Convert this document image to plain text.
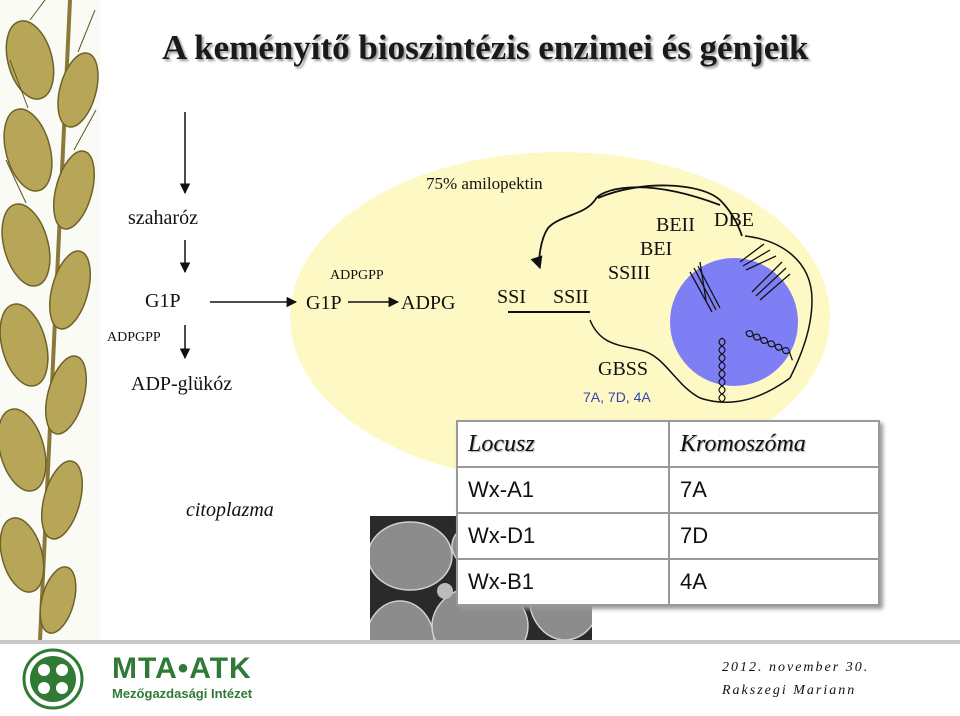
A keményítő bioszintézis enzimei és génjeik
szaharóz
G1P
ADPGPP
ADP-glükóz
citoplazma
75% amilopektin
ADPGPP
G1P	ADPG SSI SSII
SSIII
BEI
BEII DBE
GBSS
7A, 7D, 4A
Locusz	Kromoszóma
Wx-A1	7A
Wx-D1	7D
Wx-B1	4A
MTA•ATK
Mezőgazdasági Intézet
2012. november 30.
Rakszegi Mariann
